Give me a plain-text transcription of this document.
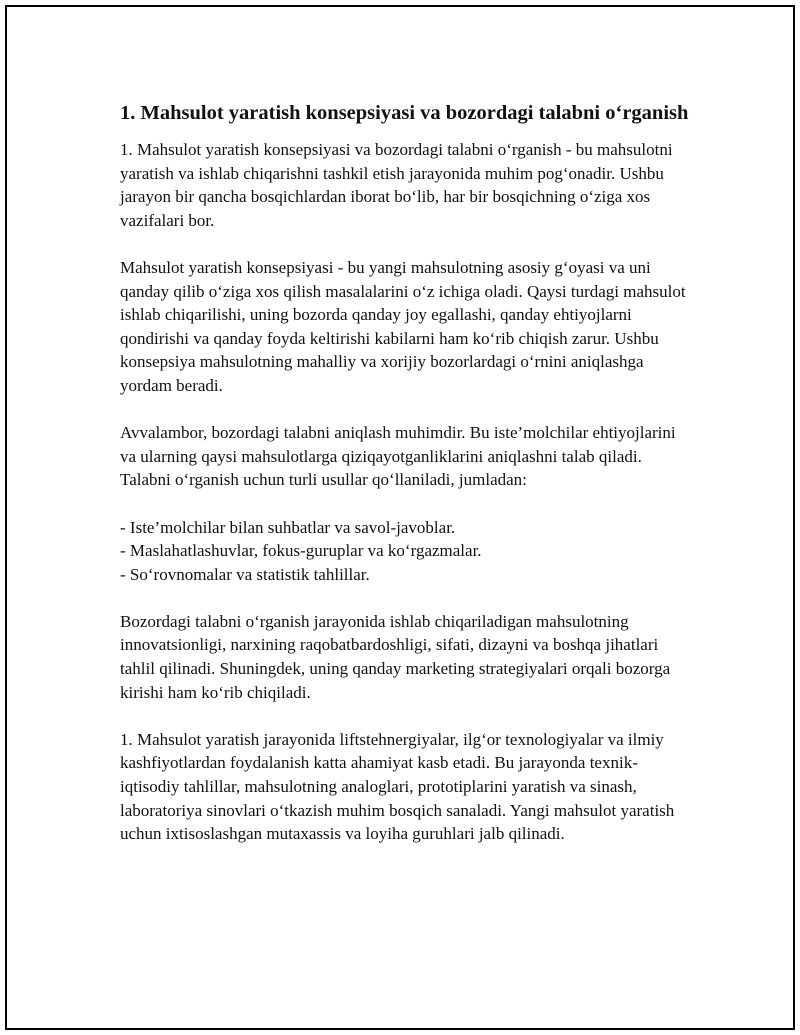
1. Mahsulot yaratish konsepsiyasi va bozordagi talabni o‘rganish

1. Mahsulot yaratish konsepsiyasi va bozordagi talabni o‘rganish - bu mahsulotni yaratish va ishlab chiqarishni tashkil etish jarayonida muhim pog‘onadir. Ushbu jarayon bir qancha bosqichlardan iborat bo‘lib, har bir bosqichning o‘ziga xos vazifalari bor.

Mahsulot yaratish konsepsiyasi - bu yangi mahsulotning asosiy g‘oyasi va uni qanday qilib o‘ziga xos qilish masalalarini o‘z ichiga oladi. Qaysi turdagi mahsulot ishlab chiqarilishi, uning bozorda qanday joy egallashi, qanday ehtiyojlarni qondirishi va qanday foyda keltirishi kabilarni ham ko‘rib chiqish zarur. Ushbu konsepsiya mahsulotning mahalliy va xorijiy bozorlardagi o‘rnini aniqlashga yordam beradi.

Avvalambor, bozordagi talabni aniqlash muhimdir. Bu iste’molchilar ehtiyojlarini va ularning qaysi mahsulotlarga qiziqayotganliklarini aniqlashni talab qiladi. Talabni o‘rganish uchun turli usullar qo‘llaniladi, jumladan:

- Iste’molchilar bilan suhbatlar va savol-javoblar.
- Maslahatlashuvlar, fokus-guruplar va ko‘rgazmalar.
- So‘rovnomalar va statistik tahlillar.

Bozordagi talabni o‘rganish jarayonida ishlab chiqariladigan mahsulotning innovatsionligi, narxining raqobatbardoshligi, sifati, dizayni va boshqa jihatlari tahlil qilinadi. Shuningdek, uning qanday marketing strategiyalari orqali bozorga kirishi ham ko‘rib chiqiladi.

1. Mahsulot yaratish jarayonida liftstehnergiyalar, ilg‘or texnologiyalar va ilmiy kashfiyotlardan foydalanish katta ahamiyat kasb etadi. Bu jarayonda texnik-iqtisodiy tahlillar, mahsulotning analoglari, prototiplarini yaratish va sinash, laboratoriya sinovlari o‘tkazish muhim bosqich sanaladi. Yangi mahsulot yaratish uchun ixtisoslashgan mutaxassis va loyiha guruhlari jalb qilinadi.
